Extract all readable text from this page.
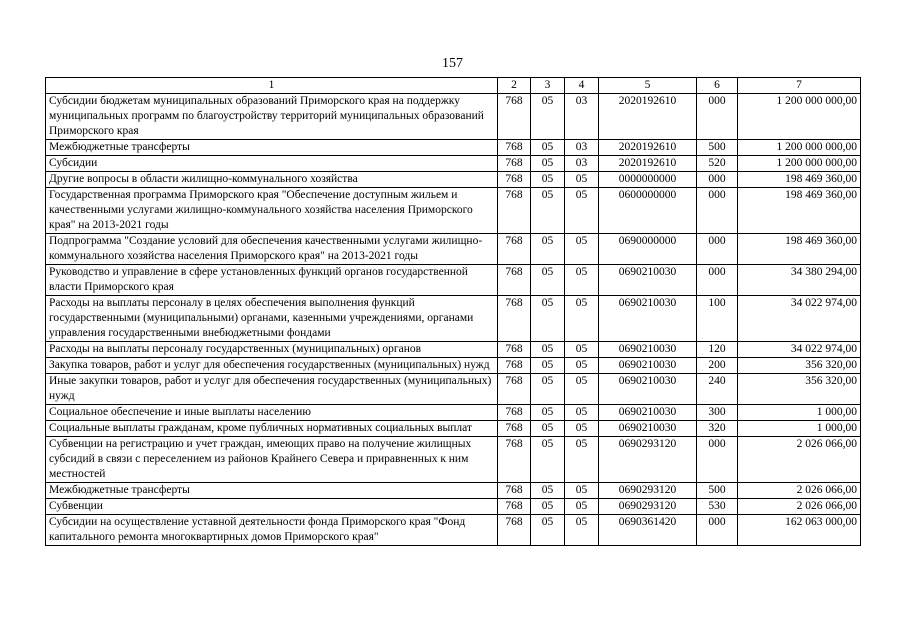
157
1	2	3	4	5	6	7
Субсидии бюджетам муниципальных образований Приморского края на поддержку муниципальных программ по благоустройству территорий муниципальных образований Приморского края	768	05	03	2020192610	000	1 200 000 000,00
Межбюджетные трансферты	768	05	03	2020192610	500	1 200 000 000,00
Субсидии	768	05	03	2020192610	520	1 200 000 000,00
Другие вопросы в области жилищно-коммунального хозяйства	768	05	05	0000000000	000	198 469 360,00
Государственная программа Приморского края "Обеспечение доступным жильем и качественными услугами жилищно-коммунального хозяйства населения Приморского края" на 2013-2021 годы	768	05	05	0600000000	000	198 469 360,00
Подпрограмма "Создание условий для обеспечения качественными услугами жилищно-коммунального хозяйства населения Приморского края" на 2013-2021 годы	768	05	05	0690000000	000	198 469 360,00
Руководство и управление в сфере установленных функций органов государственной власти Приморского края	768	05	05	0690210030	000	34 380 294,00
Расходы на выплаты персоналу в целях обеспечения выполнения функций государственными (муниципальными) органами, казенными учреждениями, органами управления государственными внебюджетными фондами	768	05	05	0690210030	100	34 022 974,00
Расходы на выплаты персоналу государственных (муниципальных) органов	768	05	05	0690210030	120	34 022 974,00
Закупка товаров, работ и услуг для обеспечения государственных (муниципальных) нужд	768	05	05	0690210030	200	356 320,00
Иные закупки товаров, работ и услуг для обеспечения государственных (муниципальных) нужд	768	05	05	0690210030	240	356 320,00
Социальное обеспечение и иные выплаты населению	768	05	05	0690210030	300	1 000,00
Социальные выплаты гражданам, кроме публичных нормативных социальных выплат	768	05	05	0690210030	320	1 000,00
Субвенции на регистрацию и учет граждан, имеющих право на получение жилищных субсидий в связи с переселением из районов Крайнего Севера и приравненных к ним местностей	768	05	05	0690293120	000	2 026 066,00
Межбюджетные трансферты	768	05	05	0690293120	500	2 026 066,00
Субвенции	768	05	05	0690293120	530	2 026 066,00
Субсидии на осуществление уставной деятельности фонда Приморского края "Фонд капитального ремонта многоквартирных домов Приморского края"	768	05	05	0690361420	000	162 063 000,00
